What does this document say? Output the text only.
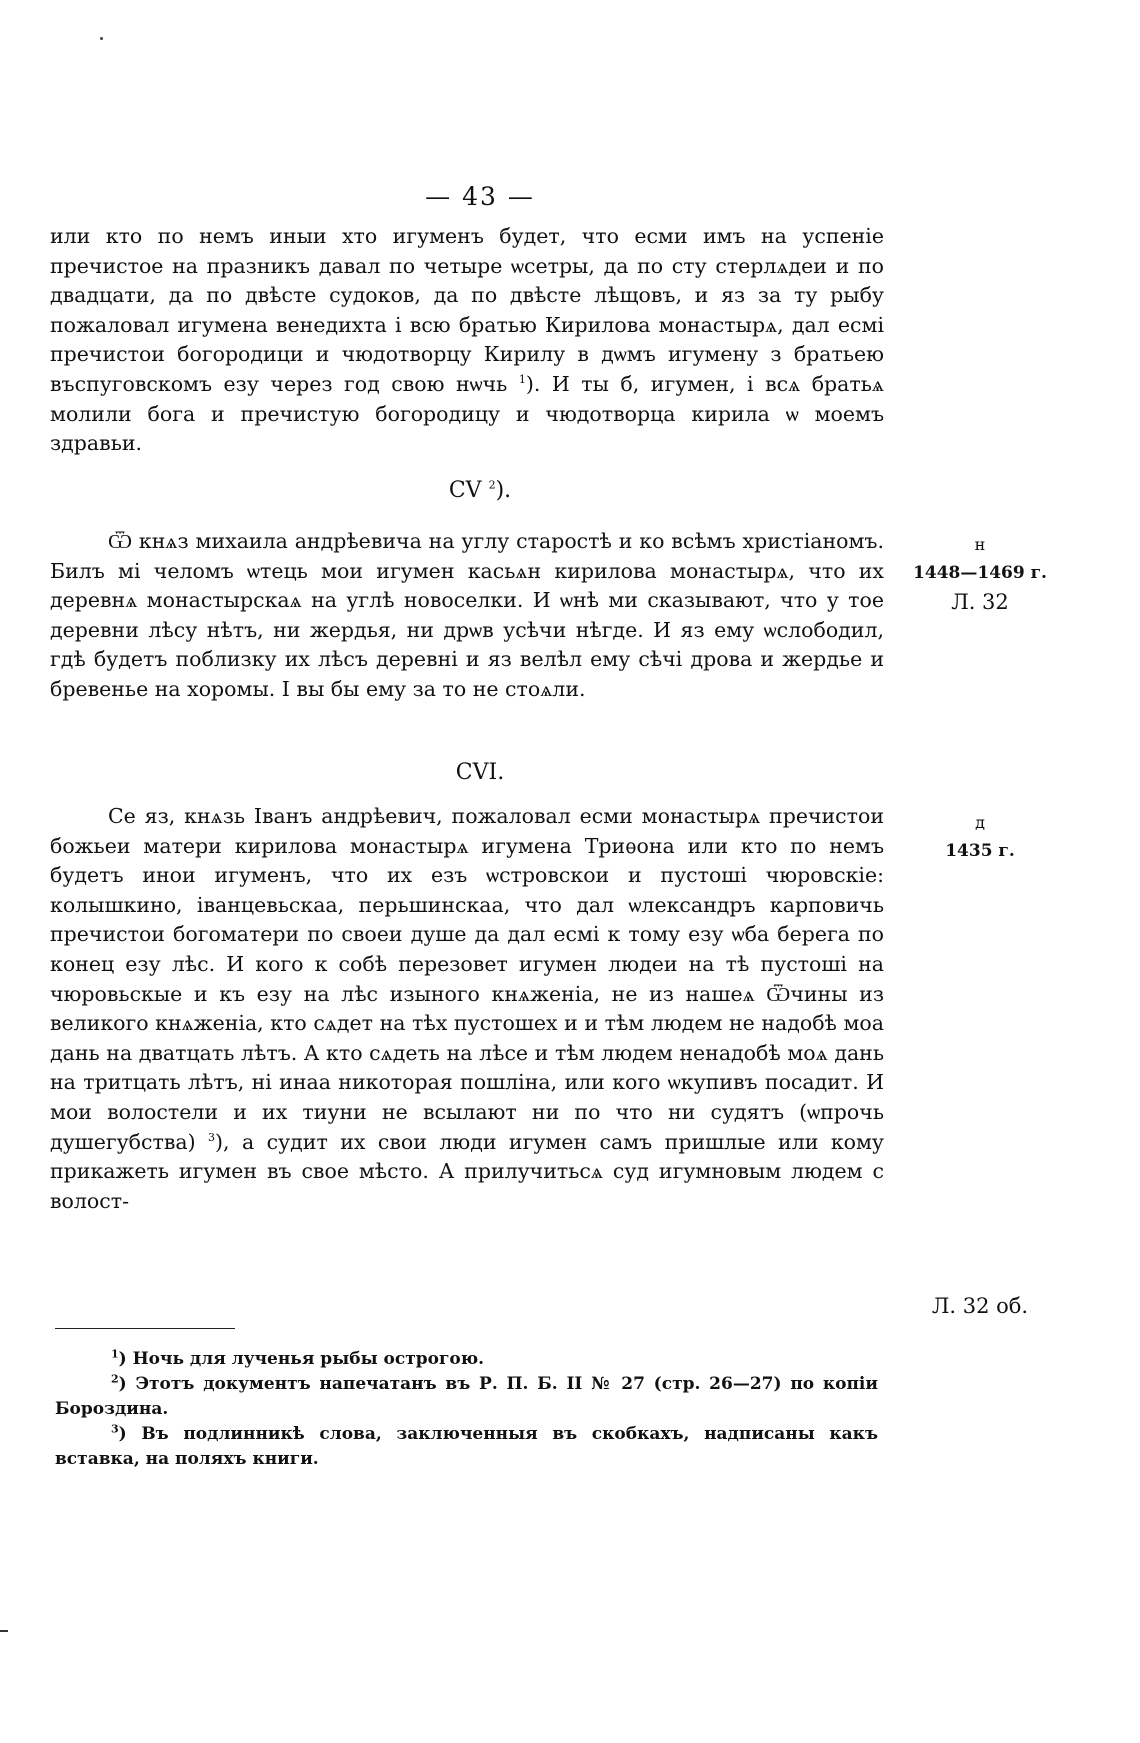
— 43 —

или кто по немъ иныи хто игуменъ будет, что есми имъ на успеніе пречистое на празникъ давал по четыре ѡсетры, да по сту стерлѧдеи и по двадцати, да по двѣсте судоков, да по двѣсте лѣщовъ, и яз за ту рыбу пожаловал игумена венедихта і всю братью Кирилова монастырѧ, дал есмі пречистои богородици и чюдотворцу Кирилу в дѡмъ игумену з братьею въспуговскомъ езу через год свою нѡчь $^1$). И ты б, игумен, і всѧ братьѧ молили бога и пречистую богородицу и чюдотворца кирила ѡ моемъ здравьи.

CV $^2$).

Ѿ кнѧз михаила андрѣевича на углу старостѣ и ко всѣмъ христіаномъ. Билъ мі челомъ ѡтець мои игумен касьѧн кирилова монастырѧ, что их деревнѧ монастырскаѧ на углѣ новоселки. И ѡнѣ ми сказывают, что у тое деревни лѣсу нѣтъ, ни жердья, ни дрѡв усѣчи нѣгде. И яз ему ѡслободил, гдѣ будетъ поблизку их лѣсъ деревні и яз велѣл ему сѣчі дрова и жердье и бревенье на хоромы. І вы бы ему за то не стоѧли.

н
1448—1469 г.
Л. 32
CVI.

Се яз, кнѧзь Іванъ андрѣевич, пожаловал есми монастырѧ пречистои божьеи матери кирилова монастырѧ игумена Триѳона или кто по немъ будетъ инои игуменъ, что их езъ ѡстровскои и пустошi чюровскіе: колышкино, іванцевьскаа, перьшинскаа, что дал ѡлександръ карповичь пречистои богоматери по своеи душе да дал есмі к тому езу ѡба берега по конец езу лѣс. И кого к собѣ перезовет игумен людеи на тѣ пустошi на чюровьскые и къ езу на лѣс изыного кнѧженіа, не из нашеѧ Ѿчины из великого кнѧженіа, кто сѧдет на тѣх пустошех и и тѣм людем не надобѣ моа дань на дватцать лѣтъ. А кто сѧдеть на лѣсе и тѣм людем ненадобѣ моѧ дань на тритцать лѣтъ, ні инаа никоторая пошлiна, или кого ѡкупивъ посадит. И мои волостели и их тиуни не всылают ни по что ни судятъ (ѡпрочь душегубства) $^3$), а судит их свои люди игумен самъ пришлые или кому прикажеть игумен въ свое мѣсто. А прилучитьсѧ суд игумновым людем с волост-

д
1435 г.
Л. 32 об.

$^1$) Ночь для лученья рыбы острогою.

$^2$) Этотъ документъ напечатанъ въ Р. П. Б. II № 27 (стр. 26—27) по копіи Бороздина.

$^3$) Въ подлинникѣ слова, заключенныя въ скобкахъ, надписаны какъ вставка, на поляхъ книги.
